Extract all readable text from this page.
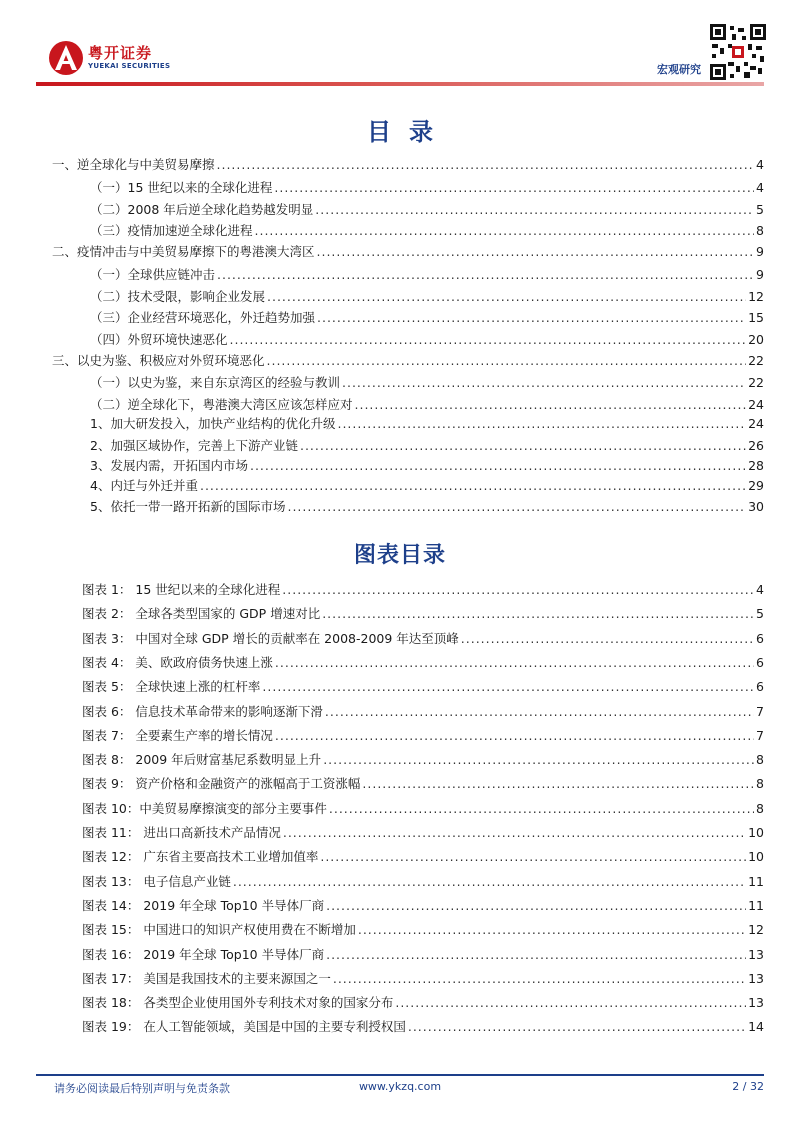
粤开证券
YUEKAI SECURITIES	宏观研究
目录
一、逆全球化与中美贸易摩擦 .....	4
（一）15 世纪以来的全球化进程 .....	4
（二）2008 年后逆全球化趋势越发明显 .....	5
（三）疫情加速逆全球化进程 .....	8
二、疫情冲击与中美贸易摩擦下的粤港澳大湾区 .....	9
（一）全球供应链冲击 .....	9
（二）技术受限，影响企业发展 .....	12
（三）企业经营环境恶化，外迁趋势加强 .....	15
（四）外贸环境快速恶化 .....	20
三、以史为鉴、积极应对外贸环境恶化 .....	22
（一）以史为鉴，来自东京湾区的经验与教训 .....	22
（二）逆全球化下，粤港澳大湾区应该怎样应对 .....	24
1、加大研发投入，加快产业结构的优化升级 .....	24
2、加强区域协作，完善上下游产业链 .....	26
3、发展内需，开拓国内市场 .....	28
4、内迁与外迁并重 .....	29
5、依托一带一路开拓新的国际市场 .....	30
图表目录
图表 1： 15 世纪以来的全球化进程 .....	4
图表 2： 全球各类型国家的 GDP 增速对比 .....	5
图表 3： 中国对全球 GDP 增长的贡献率在 2008-2009 年达至顶峰 .....	6
图表 4： 美、欧政府债务快速上涨 .....	6
图表 5： 全球快速上涨的杠杆率 .....	6
图表 6： 信息技术革命带来的影响逐渐下滑 .....	7
图表 7： 全要素生产率的增长情况 .....	7
图表 8： 2009 年后财富基尼系数明显上升 .....	8
图表 9： 资产价格和金融资产的涨幅高于工资涨幅 .....	8
图表 10：中美贸易摩擦演变的部分主要事件 .....	8
图表 11： 进出口高新技术产品情况 .....	10
图表 12： 广东省主要高技术工业增加值率 .....	10
图表 13： 电子信息产业链 .....	11
图表 14： 2019 年全球 Top10 半导体厂商 .....	11
图表 15： 中国进口的知识产权使用费在不断增加 .....	12
图表 16： 2019 年全球 Top10 半导体厂商 .....	13
图表 17： 美国是我国技术的主要来源国之一 .....	13
图表 18： 各类型企业使用国外专利技术对象的国家分布 .....	13
图表 19： 在人工智能领域，美国是中国的主要专利授权国 .....	14
请务必阅读最后特别声明与免责条款	www.ykzq.com	2 / 32
